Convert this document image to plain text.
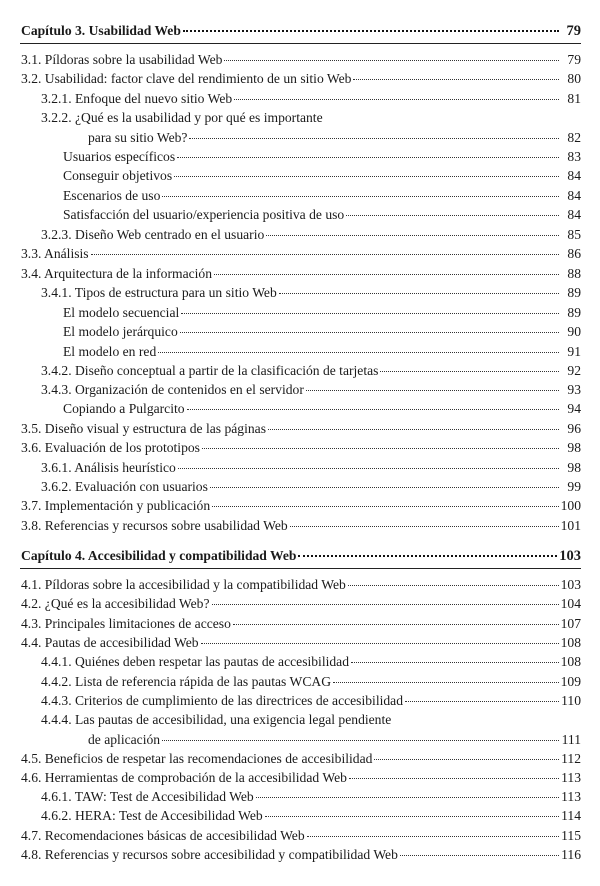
Capítulo 3. Usabilidad Web	79
3.1. Píldoras sobre la usabilidad Web	79
3.2. Usabilidad: factor clave del rendimiento de un sitio Web	80
3.2.1. Enfoque del nuevo sitio Web	81
3.2.2. ¿Qué es la usabilidad y por qué es importante
para su sitio Web?	82
Usuarios específicos	83
Conseguir objetivos	84
Escenarios de uso	84
Satisfacción del usuario/experiencia positiva de uso	84
3.2.3. Diseño Web centrado en el usuario	85
3.3. Análisis	86
3.4. Arquitectura de la información	88
3.4.1. Tipos de estructura para un sitio Web	89
El modelo secuencial	89
El modelo jerárquico	90
El modelo en red	91
3.4.2. Diseño conceptual a partir de la clasificación de tarjetas	92
3.4.3. Organización de contenidos en el servidor	93
Copiando a Pulgarcito	94
3.5. Diseño visual y estructura de las páginas	96
3.6. Evaluación de los prototipos	98
3.6.1. Análisis heurístico	98
3.6.2. Evaluación con usuarios	99
3.7. Implementación y publicación	100
3.8. Referencias y recursos sobre usabilidad Web	101
Capítulo 4. Accesibilidad y compatibilidad Web	103
4.1. Píldoras sobre la accesibilidad y la compatibilidad Web	103
4.2. ¿Qué es la accesibilidad Web?	104
4.3. Principales limitaciones de acceso	107
4.4. Pautas de accesibilidad Web	108
4.4.1. Quiénes deben respetar las pautas de accesibilidad	108
4.4.2. Lista de referencia rápida de las pautas WCAG	109
4.4.3. Criterios de cumplimiento de las directrices de accesibilidad	110
4.4.4. Las pautas de accesibilidad, una exigencia legal pendiente
de aplicación	111
4.5. Beneficios de respetar las recomendaciones de accesibilidad	112
4.6. Herramientas de comprobación de la accesibilidad Web	113
4.6.1. TAW: Test de Accesibilidad Web	113
4.6.2. HERA: Test de Accesibilidad Web	114
4.7. Recomendaciones básicas de accesibilidad Web	115
4.8. Referencias y recursos sobre accesibilidad y compatibilidad Web	116
